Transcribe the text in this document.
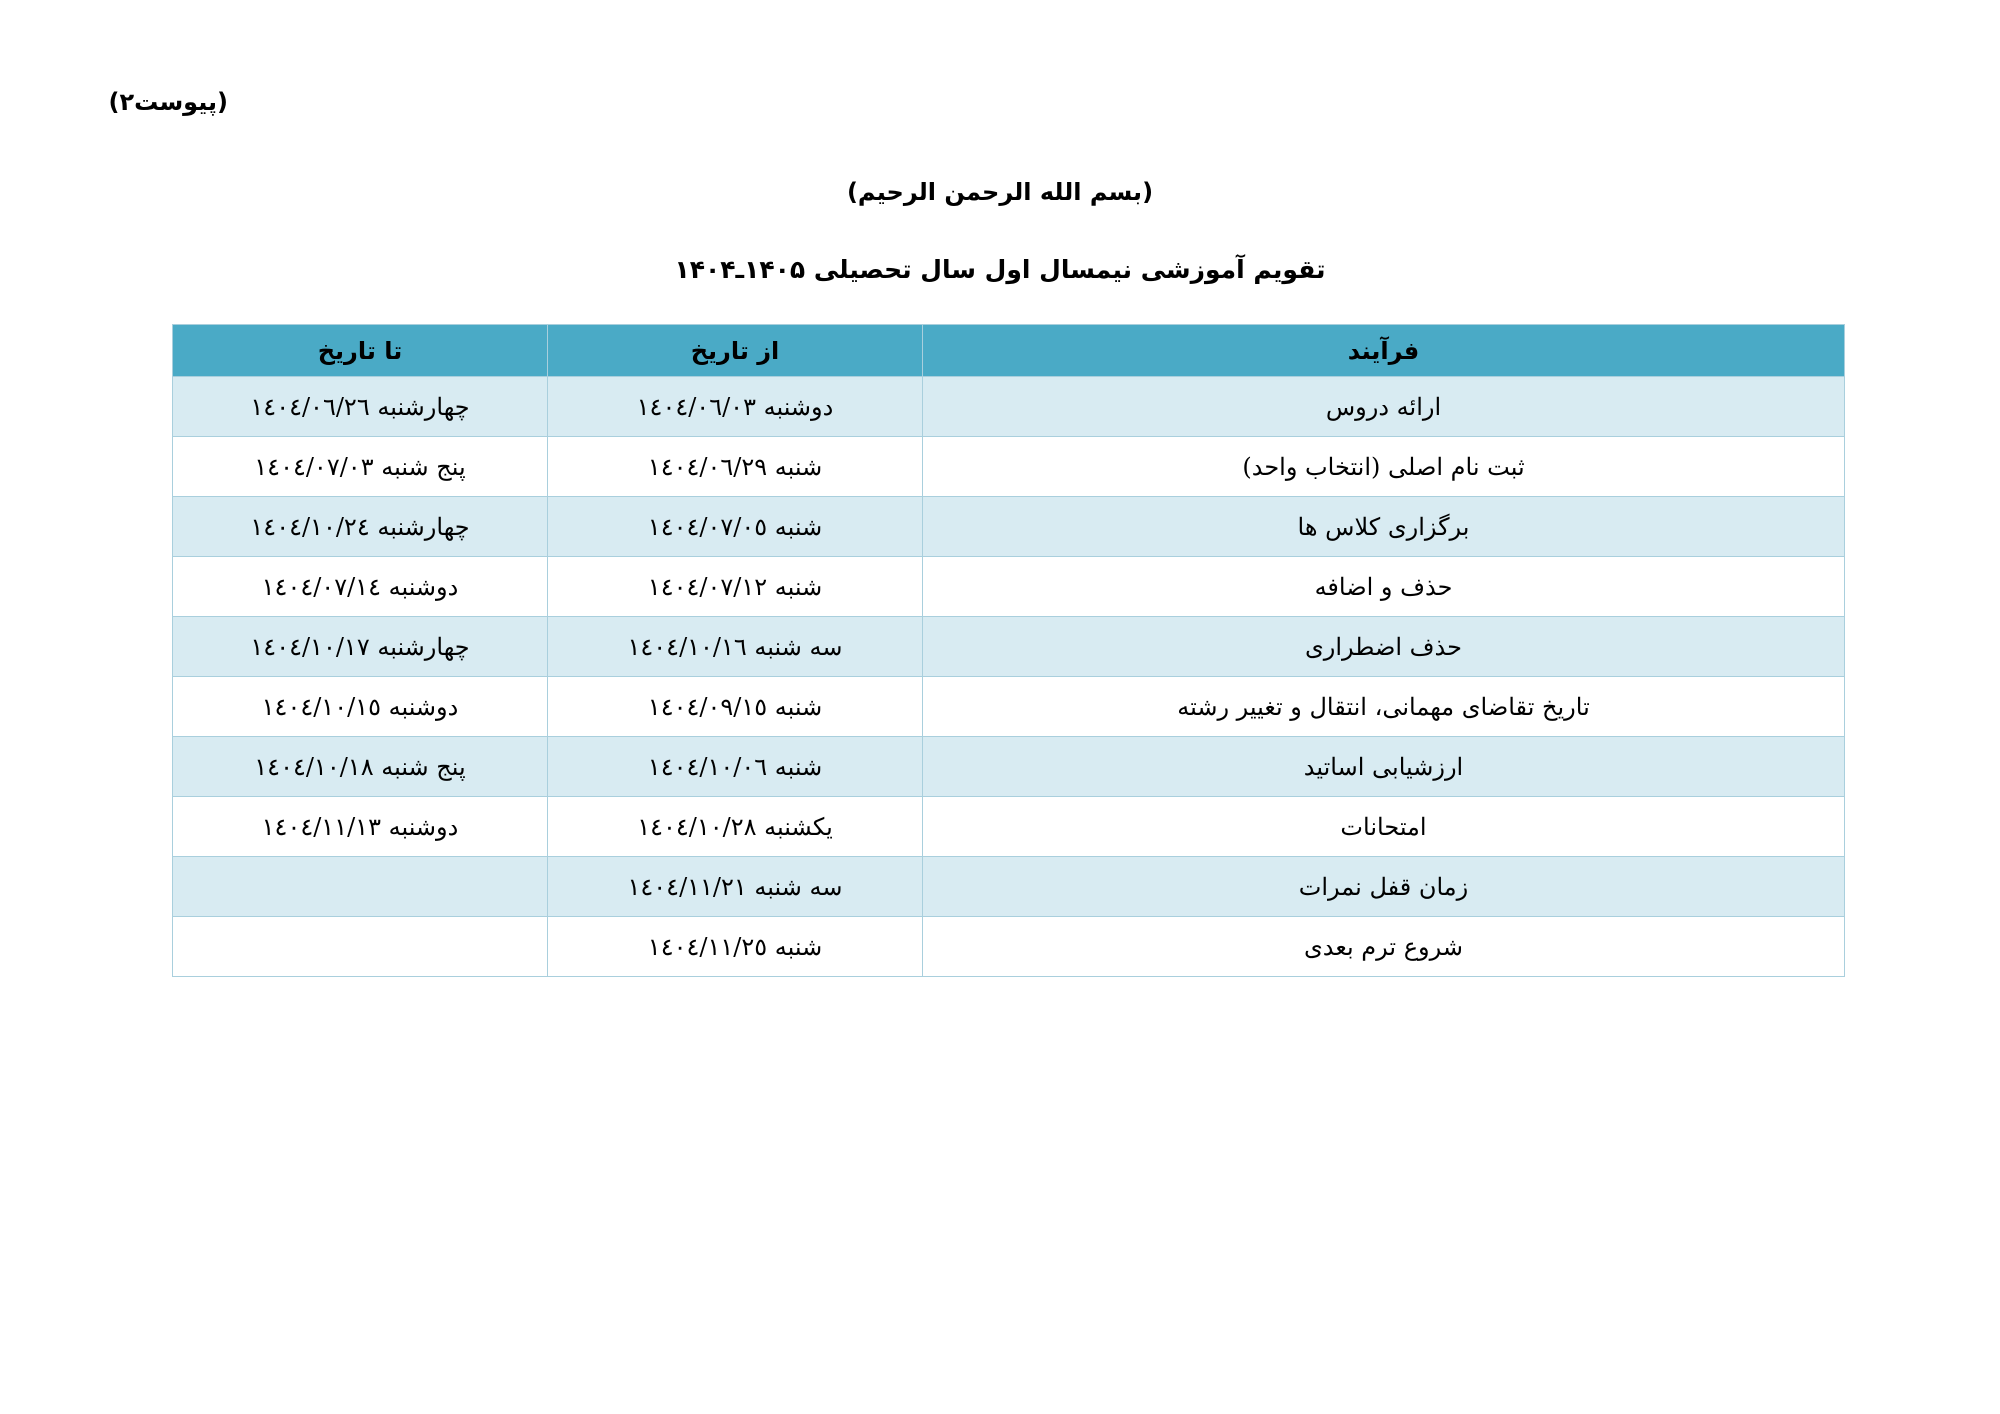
(پیوست۲)
(بسم الله الرحمن الرحیم)
تقویم آموزشی نیمسال اول سال تحصیلی ۱۴۰۵ـ۱۴۰۴
فرآیند	از تاریخ	تا تاریخ
ارائه دروس	دوشنبه ١٤٠٤/٠٦/٠٣	چهارشنبه ١٤٠٤/٠٦/٢٦
ثبت نام اصلی (انتخاب واحد)	شنبه ١٤٠٤/٠٦/٢٩	پنج شنبه ١٤٠٤/٠٧/٠٣
برگزاری کلاس ها	شنبه ١٤٠٤/٠٧/٠٥	چهارشنبه ١٤٠٤/١٠/٢٤
حذف و اضافه	شنبه ١٤٠٤/٠٧/١٢	دوشنبه ١٤٠٤/٠٧/١٤
حذف اضطراری	سه شنبه ١٤٠٤/١٠/١٦	چهارشنبه ١٤٠٤/١٠/١٧
تاریخ تقاضای مهمانی، انتقال و تغییر رشته	شنبه ١٤٠٤/٠٩/١٥	دوشنبه ١٤٠٤/١٠/١٥
ارزشیابی اساتید	شنبه ١٤٠٤/١٠/٠٦	پنج شنبه ١٤٠٤/١٠/١٨
امتحانات	یکشنبه ١٤٠٤/١٠/٢٨	دوشنبه ١٤٠٤/١١/١٣
زمان قفل نمرات	سه شنبه ١٤٠٤/١١/٢١	
شروع ترم بعدی	شنبه ١٤٠٤/١١/٢٥	
